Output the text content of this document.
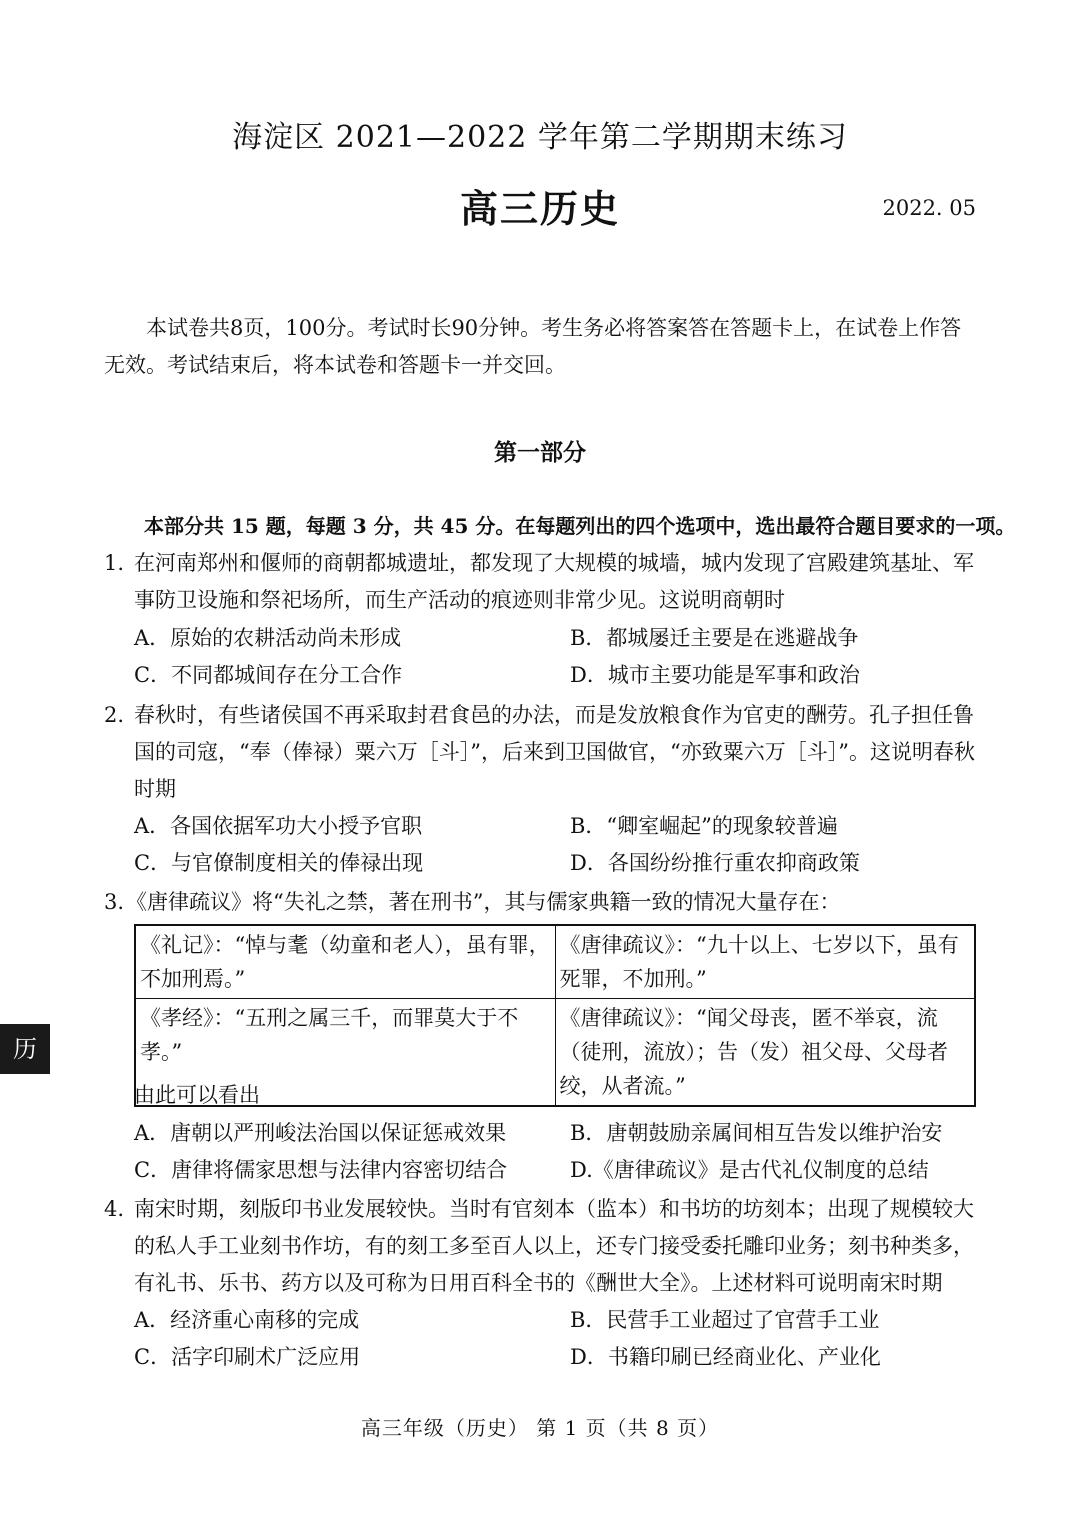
海淀区 2021—2022 学年第二学期期末练习
高三历史	2022. 05
本试卷共8页，100分。考试时长90分钟。考生务必将答案答在答题卡上，在试卷上作答无效。考试结束后，将本试卷和答题卡一并交回。
第一部分
本部分共 15 题，每题 3 分，共 45 分。在每题列出的四个选项中，选出最符合题目要求的一项。
1. 在河南郑州和偃师的商朝都城遗址，都发现了大规模的城墙，城内发现了宫殿建筑基址、军事防卫设施和祭祀场所，而生产活动的痕迹则非常少见。这说明商朝时
A．原始的农耕活动尚未形成	B．都城屡迁主要是在逃避战争
C．不同都城间存在分工合作	D．城市主要功能是军事和政治
2. 春秋时，有些诸侯国不再采取封君食邑的办法，而是发放粮食作为官吏的酬劳。孔子担任鲁国的司寇，“奉（俸禄）粟六万［斗］”，后来到卫国做官，“亦致粟六万［斗］”。这说明春秋时期
A．各国依据军功大小授予官职	B．“卿室崛起”的现象较普遍
C．与官僚制度相关的俸禄出现	D．各国纷纷推行重农抑商政策
3. 《唐律疏议》将“失礼之禁，著在刑书”，其与儒家典籍一致的情况大量存在：
《礼记》：“悼与耄（幼童和老人），虽有罪，不加刑焉。”	《唐律疏议》：“九十以上、七岁以下，虽有死罪，不加刑。”
《孝经》：“五刑之属三千，而罪莫大于不孝。”	《唐律疏议》：“闻父母丧，匿不举哀，流（徒刑，流放）；告（发）祖父母、父母者绞，从者流。”
由此可以看出
A．唐朝以严刑峻法治国以保证惩戒效果	B．唐朝鼓励亲属间相互告发以维护治安
C．唐律将儒家思想与法律内容密切结合	D.《唐律疏议》是古代礼仪制度的总结
4. 南宋时期，刻版印书业发展较快。当时有官刻本（监本）和书坊的坊刻本；出现了规模较大的私人手工业刻书作坊，有的刻工多至百人以上，还专门接受委托雕印业务；刻书种类多，有礼书、乐书、药方以及可称为日用百科全书的《酬世大全》。上述材料可说明南宋时期
A．经济重心南移的完成	B．民营手工业超过了官营手工业
C．活字印刷术广泛应用	D．书籍印刷已经商业化、产业化
历
高三年级（历史） 第 1 页（共 8 页）
